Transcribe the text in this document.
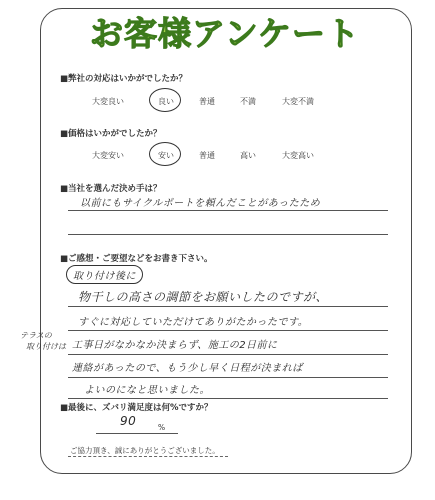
お客様アンケート
■弊社の対応はいかがでしたか？
大変良い	良い	普通	不満	大変不満
■価格はいかがでしたか？
大変安い	安い	普通	高い	大変高い
■当社を選んだ決め手は？
以前にもサイクルポートを頼んだことがあったため
■ご感想・ご要望などをお書き下さい。
取り付け後に
テラスの
取り付けは
物干しの高さの調節をお願いしたのですが、
すぐに対応していただけてありがたかったです。
工事日がなかなか決まらず、施工の2日前に
連絡があったので、もう少し早く日程が決まれば
よいのになと思いました。
■最後に、ズバリ満足度は何%ですか？
90	%
ご協力頂き、誠にありがとうございました。
